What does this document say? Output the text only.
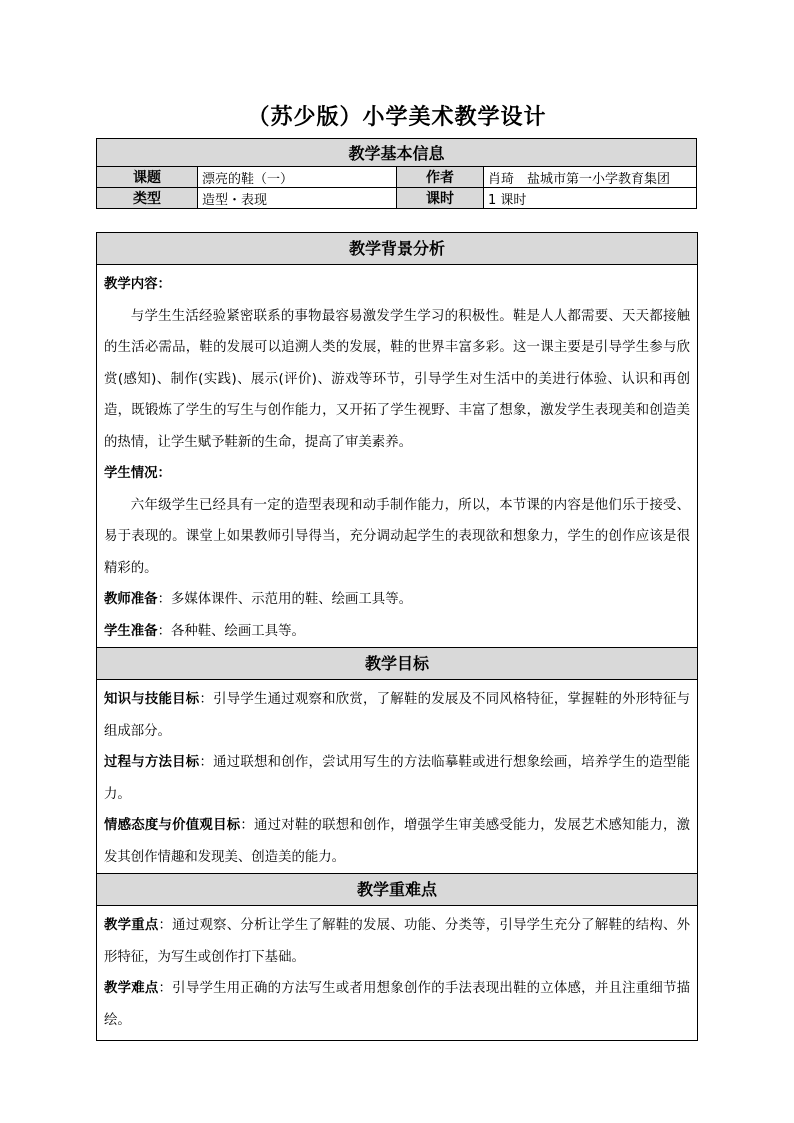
（苏少版）小学美术教学设计
教学基本信息			
课题	漂亮的鞋（一）	作者	肖琦　盐城市第一小学教育集团
类型	造型・表现	课时	1 课时
教学背景分析

教学内容：

与学生生活经验紧密联系的事物最容易激发学生学习的积极性。鞋是人人都需要、天天都接触的生活必需品，鞋的发展可以追溯人类的发展，鞋的世界丰富多彩。这一课主要是引导学生参与欣赏(感知)、制作(实践)、展示(评价)、游戏等环节，引导学生对生活中的美进行体验、认识和再创造，既锻炼了学生的写生与创作能力，又开拓了学生视野、丰富了想象，激发学生表现美和创造美的热情，让学生赋予鞋新的生命，提高了审美素养。

学生情况：

六年级学生已经具有一定的造型表现和动手制作能力，所以，本节课的内容是他们乐于接受、易于表现的。课堂上如果教师引导得当，充分调动起学生的表现欲和想象力，学生的创作应该是很精彩的。

教师准备：多媒体课件、示范用的鞋、绘画工具等。

学生准备：各种鞋、绘画工具等。

教学目标

知识与技能目标：引导学生通过观察和欣赏，了解鞋的发展及不同风格特征，掌握鞋的外形特征与组成部分。

过程与方法目标：通过联想和创作，尝试用写生的方法临摹鞋或进行想象绘画，培养学生的造型能力。

情感态度与价值观目标：通过对鞋的联想和创作，增强学生审美感受能力，发展艺术感知能力，激发其创作情趣和发现美、创造美的能力。

教学重难点

教学重点：通过观察、分析让学生了解鞋的发展、功能、分类等，引导学生充分了解鞋的结构、外形特征，为写生或创作打下基础。

教学难点：引导学生用正确的方法写生或者用想象创作的手法表现出鞋的立体感，并且注重细节描绘。
